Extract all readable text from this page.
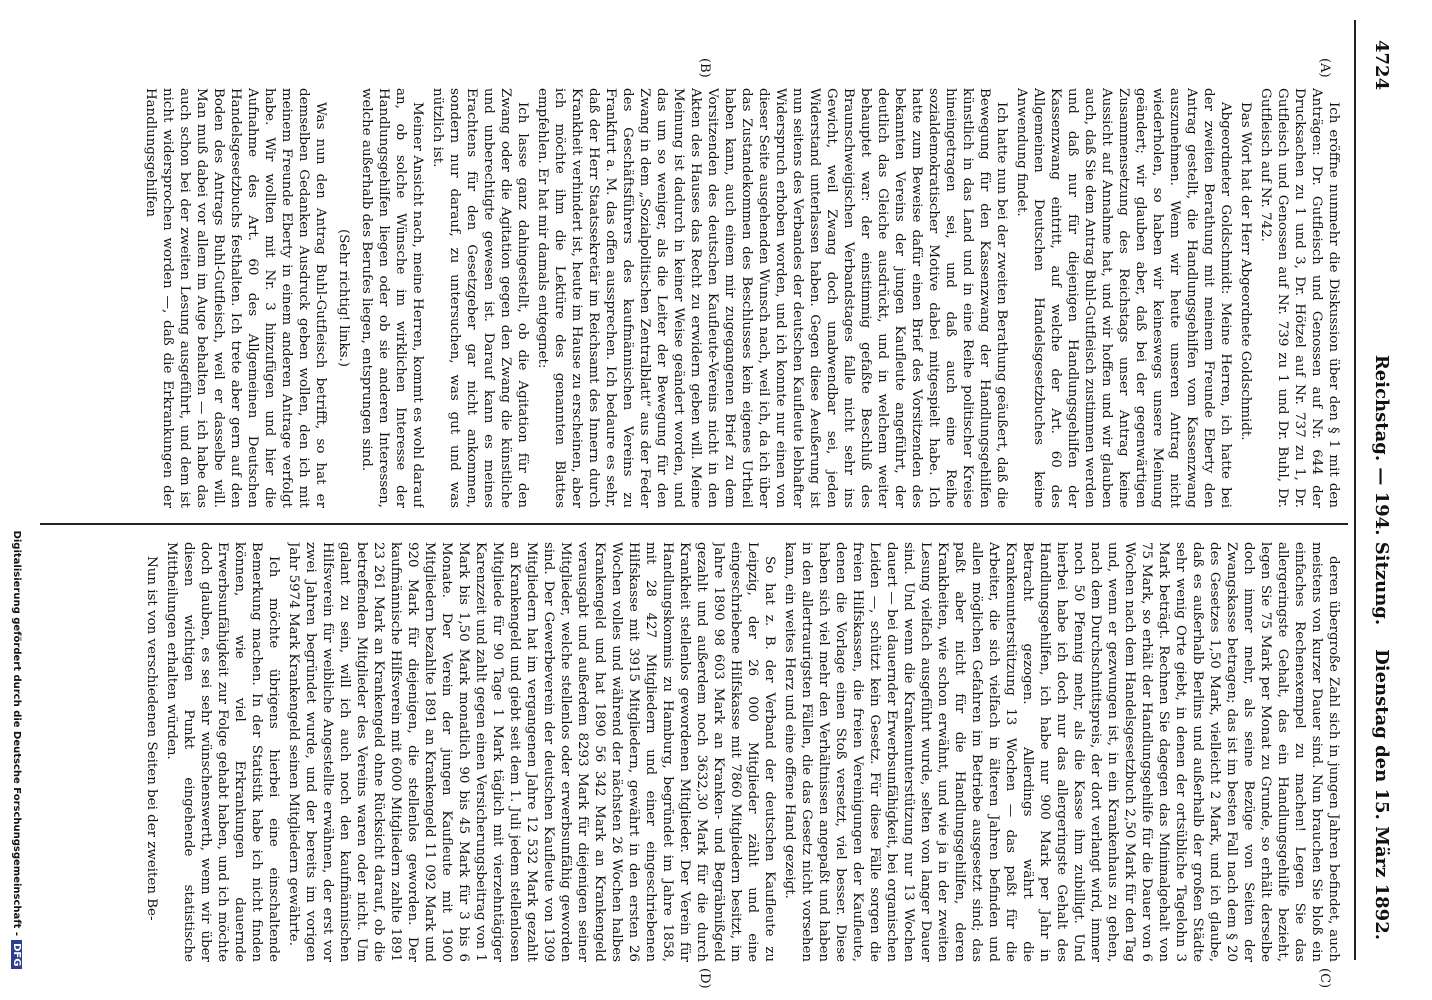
4724
Reichstag. — 194. Sitzung.
Dienstag den 15. März 1892.
(A)
(B)
(C)
(D)

Ich eröffne nunmehr die Diskussion über den § 1 mit den Anträgen: Dr. Gutfleisch und Genossen auf Nr. 644 der Drucksachen zu 1 und 3, Dr. Hötzel auf Nr. 737 zu 1, Dr. Gutfleisch und Genossen auf Nr. 739 zu 1 und Dr. Buhl, Dr. Gutfleisch auf Nr. 742.

Das Wort hat der Herr Abgeordnete Goldschmidt.

Abgeordneter Goldschmidt: Meine Herren, ich hatte bei der zweiten Berathung mit meinem Freunde Eberty den Antrag gestellt, die Handlungsgehilfen vom Kassenzwang auszunehmen. Wenn wir heute unseren Antrag nicht wiederholen, so haben wir keineswegs unsere Meinung geändert; wir glauben aber, daß bei der gegenwärtigen Zusammensetzung des Reichstags unser Antrag keine Aussicht auf Annahme hat, und wir hoffen und wir glauben auch, daß Sie dem Antrag Buhl-Gutfleisch zustimmen werden und daß nur für diejenigen Handlungsgehilfen der Kassenzwang eintritt, auf welche der Art. 60 des Allgemeinen Deutschen Handelsgesetzbuches keine Anwendung findet.

Ich hatte nun bei der zweiten Berathung geäußert, daß die Bewegung für den Kassenzwang der Handlungsgehilfen künstlich in das Land und in eine Reihe politischer Kreise hineingetragen sei, und daß auch eine Reihe sozialdemokratischer Motive dabei mitgespielt habe. Ich hatte zum Beweise dafür einen Brief des Vorsitzenden des bekannten Vereins der jungen Kaufleute angeführt, der deutlich das Gleiche ausdrückt, und in welchem weiter behauptet war: der einstimmig gefaßte Beschluß des Braunschweigischen Verbandstages falle nicht sehr ins Gewicht, weil Zwang doch unabwendbar sei, jeden Widerstand unterlassen haben. Gegen diese Aeußerung ist nun seitens des Verbandes der deutschen Kaufleute lebhafter Widerspruch erhoben worden, und ich konnte nur einen von dieser Seite ausgehenden Wunsch nach, weil ich, da ich über das Zustandekommen des Beschlusses kein eigenes Urtheil haben kann, auch einem mir zugegangenen Brief zu dem Vorsitzenden des deutschen Kaufleute-Vereins nicht in den Akten des Hauses das Recht zu erwidern geben will. Meine Meinung ist dadurch in keiner Weise geändert worden, und das um so weniger, als die Leiter der Bewegung für den Zwang in dem „Sozialpolitischen Zentralblatt“ aus der Feder des Geschäftsführers des kaufmännischen Vereins zu Frankfurt a. M. das offen aussprechen. Ich bedaure es sehr, daß der Herr Staatssekretär im Reichsamt des Innern durch Krankheit verhindert ist, heute im Hause zu erscheinen, aber ich möchte ihm die Lektüre des genannten Blattes empfehlen. Er hat mir damals entgegnet:

Ich lasse ganz dahingestellt, ob die Agitation für den Zwang oder die Agitation gegen den Zwang die künstliche und unberechtigte gewesen ist. Darauf kann es meines Erachtens für den Gesetzgeber gar nicht ankommen, sondern nur darauf, zu untersuchen, was gut und was nützlich ist.

Meiner Ansicht nach, meine Herren, kommt es wohl darauf an, ob solche Wünsche im wirklichen Interesse der Handlungsgehilfen liegen oder ob sie anderen Interessen, welche außerhalb des Berufes liegen, entsprungen sind.

(Sehr richtig! links.)

Was nun den Antrag Buhl-Gutfleisch betrifft, so hat er demselben Gedanken Ausdruck geben wollen, den ich mit meinem Freunde Eberty in einem anderen Antrage verfolgt habe. Wir wollten mit Nr. 3 hinzufügen und hier die Aufnahme des Art. 60 des Allgemeinen Deutschen Handelsgesetzbuchs festhalten. Ich trete aber gern auf den Boden des Antrags Buhl-Gutfleisch, weil er dasselbe will. Man muß dabei vor allem im Auge behalten — ich habe das auch schon bei der zweiten Lesung ausgeführt, und dem ist nicht widersprochen worden —, daß die Erkrankungen der Handlungsgehilfen

deren übergroße Zahl sich in jungen Jahren befindet, auch meistens von kurzer Dauer sind. Nun brauchen Sie bloß ein einfaches Rechenexempel zu machen! Legen Sie das allergeringste Gehalt, das ein Handlungsgehilfe bezieht, legen Sie 75 Mark per Monat zu Grunde, so erhält derselbe doch immer mehr, als seine Bezüge von Seiten der Zwangskasse betragen; das ist im besten Fall nach dem § 20 des Gesetzes 1,50 Mark, vielleicht 2 Mark, und ich glaube, daß es außerhalb Berlins und außerhalb der großen Städte sehr wenig Orte giebt, in denen der ortsübliche Tagelohn 3 Mark beträgt. Rechnen Sie dagegen das Minimalgehalt von 75 Mark, so erhält der Handlungsgehilfe für die Dauer von 6 Wochen nach dem Handelsgesetzbuch 2,50 Mark für den Tag und, wenn er gezwungen ist, in ein Krankenhaus zu gehen, nach dem Durchschnittspreis, der dort verlangt wird, immer noch 50 Pfennig mehr, als die Kasse ihm zubilligt. Und hierbei habe ich doch nur das allergeringste Gehalt des Handlungsgehilfen, ich habe nur 900 Mark per Jahr in Betracht gezogen. Allerdings währt die Krankenunterstützung 13 Wochen — das paßt für die Arbeiter, die sich vielfach in älteren Jahren befinden und allen möglichen Gefahren im Betriebe ausgesetzt sind; das paßt aber nicht für die Handlungsgehilfen, deren Krankheiten, wie schon erwähnt, und wie ja in der zweiten Lesung vielfach ausgeführt wurde, selten von langer Dauer sind. Und wenn die Krankenunterstützung nur 13 Wochen dauert — bei dauernder Erwerbsunfähigkeit, bei organischen Leiden —, schützt kein Gesetz. Für diese Fälle sorgen die freien Hilfskassen, die freien Vereinigungen der Kaufleute, denen die Vorlage einen Stoß versetzt, viel besser. Diese haben sich viel mehr den Verhältnissen angepaßt und haben in den allertraurigsten Fällen, die das Gesetz nicht vorsehen kann, ein weites Herz und eine offene Hand gezeigt.

So hat z. B. der Verband der deutschen Kaufleute zu Leipzig, der 26 000 Mitglieder zählt und eine eingeschriebene Hilfskasse mit 7860 Mitgliedern besitzt, im Jahre 1890 98 603 Mark an Kranken- und Begräbnißgeld gezahlt und außerdem noch 3632,30 Mark für die durch Krankheit stellenlos gewordenen Mitglieder. Der Verein für Handlungskommis zu Hamburg, begründet im Jahre 1858, mit 28 427 Mitgliedern und einer eingeschriebenen Hilfskasse mit 3915 Mitgliedern, gewährt in den ersten 26 Wochen volles und während der nächsten 26 Wochen halbes Krankengeld und hat 1890 56 342 Mark an Krankengeld verausgabt und außerdem 8293 Mark für diejenigen seiner Mitglieder, welche stellenlos oder erwerbsunfähig geworden sind. Der Gewerbeverein der deutschen Kaufleute von 1309 Mitgliedern hat im vergangenen Jahre 12 532 Mark gezahlt an Krankengeld und giebt seit dem 1. Juli jedem stellenlosen Mitgliede für 90 Tage 1 Mark täglich mit vierzehntägiger Karenzzeit und zahlt gegen einen Versicherungsbeitrag von 1 Mark bis 1,50 Mark monatlich 90 bis 45 Mark für 3 bis 6 Monate. Der Verein der jungen Kaufleute mit 1900 Mitgliedern bezahlte 1891 an Krankengeld 11 092 Mark und 920 Mark für diejenigen, die stellenlos geworden. Der kaufmännische Hilfsverein mit 6000 Mitgliedern zahlte 1891 23 261 Mark an Krankengeld ohne Rücksicht darauf, ob die betreffenden Mitglieder des Vereins waren oder nicht. Um galant zu sein, will ich auch noch den kaufmännischen Hilfsverein für weibliche Angestellte erwähnen, der erst vor zwei Jahren begründet wurde, und der bereits im vorigen Jahr 5974 Mark Krankengeld seinen Mitgliedern gewährte.

Ich möchte übrigens hierbei eine einschaltende Bemerkung machen. In der Statistik habe ich nicht finden können, wie viel Erkrankungen dauernde Erwerbsunfähigkeit zur Folge gehabt haben, und ich möchte doch glauben, es sei sehr wünschenswerth, wenn wir über diesen wichtigen Punkt eingehende statistische Mittheilungen erhalten würden.

Nun ist von verschiedenen Seiten bei der zweiten Be-

Digitalisierung gefördert durch die Deutsche Forschungsgemeinschaft -DFG
